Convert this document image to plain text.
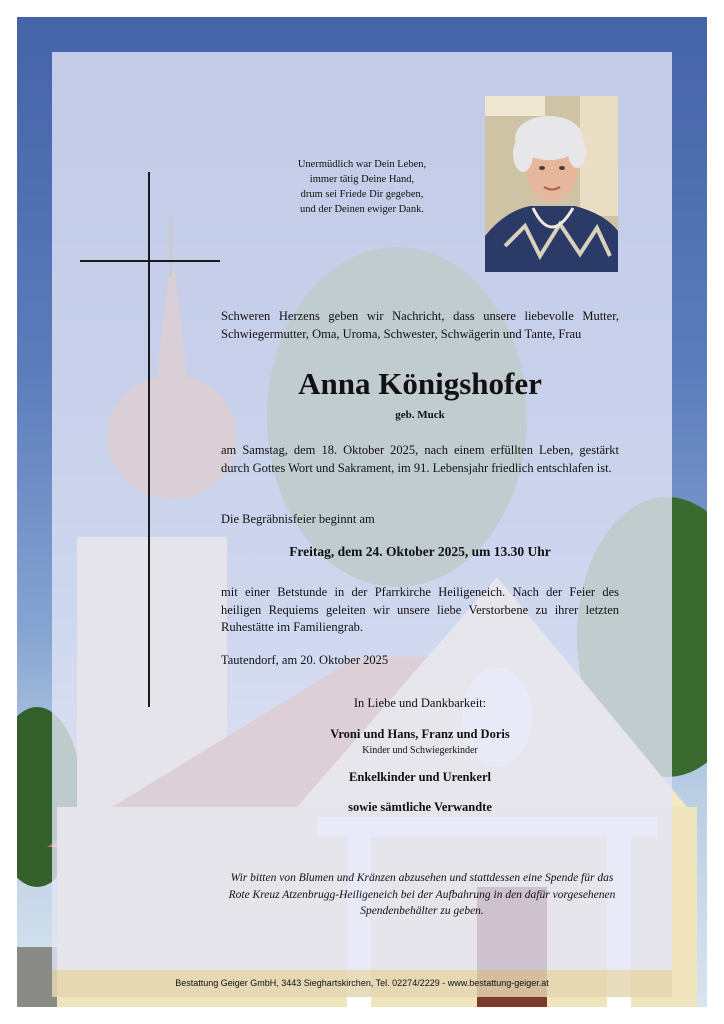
Unermüdlich war Dein Leben,
immer tätig Deine Hand,
drum sei Friede Dir gegeben,
und der Deinen ewiger Dank.

Schweren Herzens geben wir Nachricht, dass unsere liebevolle Mutter, Schwiegermutter, Oma, Uroma, Schwester, Schwägerin und Tante, Frau

Anna Königshofer

geb. Muck

am Samstag, dem 18. Oktober 2025, nach einem erfüllten Leben, gestärkt durch Gottes Wort und Sakrament, im 91. Lebensjahr friedlich entschlafen ist.

Die Begräbnisfeier beginnt am

Freitag, dem 24. Oktober 2025, um 13.30 Uhr

mit einer Betstunde in der Pfarrkirche Heiligeneich. Nach der Feier des heiligen Requiems geleiten wir unsere liebe Verstorbene zu ihrer letzten Ruhestätte im Familiengrab.

Tautendorf, am 20. Oktober 2025

In Liebe und Dankbarkeit:

Vroni und Hans, Franz und Doris

Kinder und Schwiegerkinder

Enkelkinder und Urenkerl

sowie sämtliche Verwandte

Wir bitten von Blumen und Kränzen abzusehen und stattdessen eine Spende für das Rote Kreuz Atzenbrugg-Heiligeneich bei der Aufbahrung in den dafür vorgesehenen Spendenbehälter zu geben.

Bestattung Geiger GmbH, 3443 Sieghartskirchen, Tel. 02274/2229 - www.bestattung-geiger.at
